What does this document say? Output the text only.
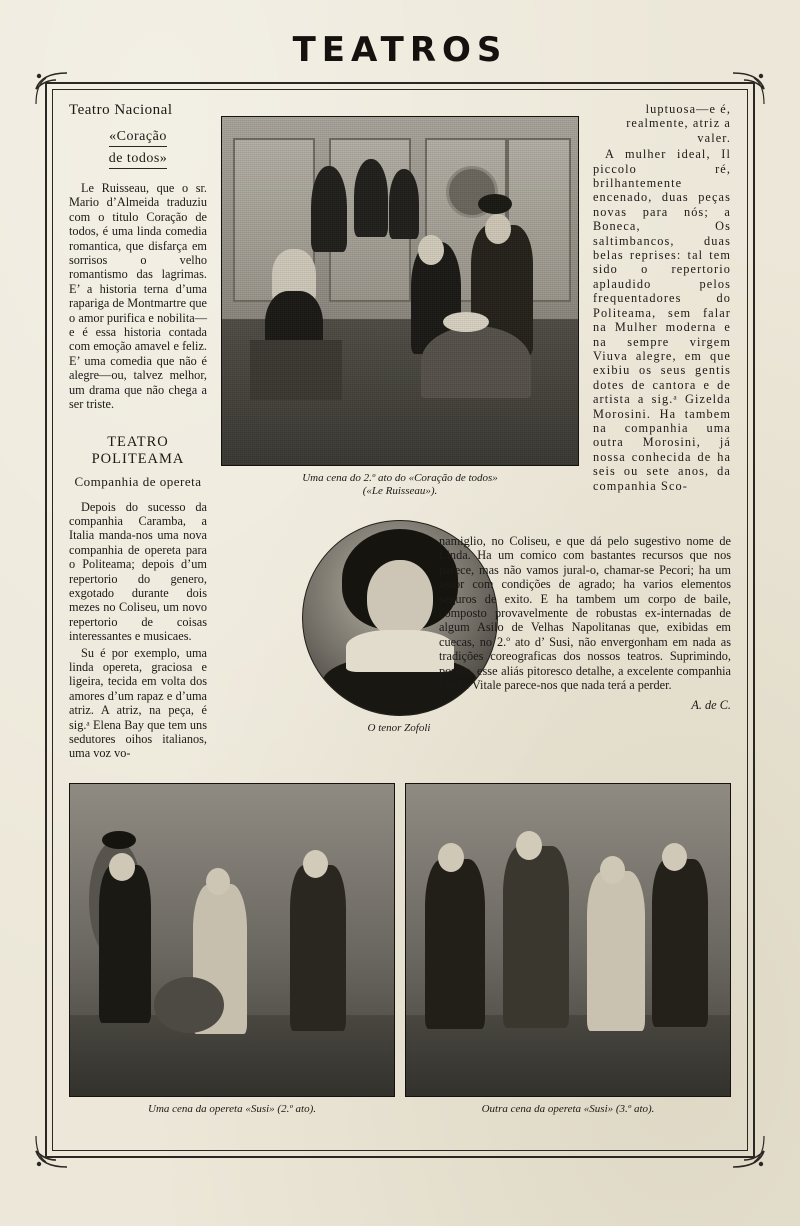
TEATROS
Teatro Nacional
«Coração
de todos»

Le Ruisseau, que o sr. Mario d’Almeida traduziu com o titulo Coração de todos, é uma linda comedia romantica, que disfarça em sorrisos o velho romantismo das lagrimas. E’ a historia terna d’uma rapariga de Montmartre que o amor purifica e nobilita—e é essa historia contada com emoção amavel e feliz. E’ uma comedia que não é alegre—ou, talvez melhor, um drama que não chega a ser triste.

TEATRO POLITEAMA
Companhia de opereta

Depois do sucesso da companhia Caramba, a Italia manda-nos uma nova companhia de opereta para o Politeama; depois d’um repertorio do genero, exgotado durante dois mezes no Coliseu, um novo repertorio de coisas interessantes e musicaes.

Su é por exemplo, uma linda opereta, graciosa e ligeira, tecida em volta dos amores d’um rapaz e d’uma atriz. A atriz, na peça, é sig.ᵃ Elena Bay que tem uns sedutores oihos italianos, uma voz vo-

Uma cena do 2.º ato do «Coração de todos»
(«Le Ruisseau»).
O tenor Zofoli

luptuosa—e é, realmente, atriz a valer.

A mulher ideal, Il piccolo ré, brilhantemente encenado, duas peças novas para nós; a Boneca, Os saltimbancos, duas belas reprises: tal tem sido o repertorio aplaudido pelos frequentadores do Politeama, sem falar na Mulher moderna e na sempre virgem Viuva alegre, em que exibiu os seus gentis dotes de cantora e de artista a sig.ᵃ Gizelda Morosini. Ha tambem na companhia uma outra Morosini, já nossa conhecida de ha seis ou sete anos, da companhia Sco-

namiglio, no Coliseu, e que dá pelo sugestivo nome de Linda. Ha um comico com bastantes recursos que nos parece, mas não vamos jural-o, chamar-se Pecori; ha um tenor com condições de agrado; ha varios elementos seguros de exito. E ha tambem um corpo de baile, composto provavelmente de robustas ex-internadas de algum Asilo de Velhas Napolitanas que, exibidas em cuecas, no 2.º ato d’ Susi, não envergonham em nada as tradições coreograficas dos nossos teatros. Suprimindo, porém, esse aliás pitoresco detalhe, a excelente companhia Ettore Vitale parece-nos que nada terá a perder.

A. de C.
Uma cena da opereta «Susi» (2.º ato).	Outra cena da opereta «Susi» (3.º ato).
